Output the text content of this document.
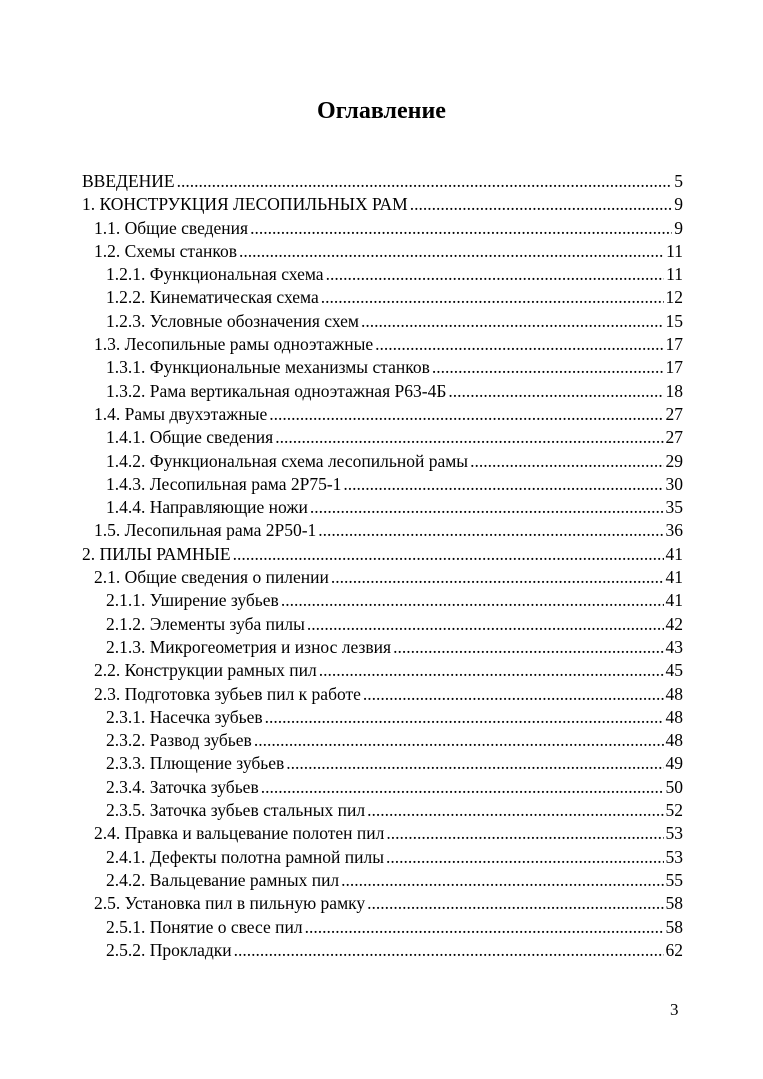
Оглавление
ВВЕДЕНИЕ .....	5
1. КОНСТРУКЦИЯ ЛЕСОПИЛЬНЫХ РАМ .....	9
1.1. Общие сведения .....	9
1.2. Схемы станков .....	11
1.2.1. Функциональная схема .....	11
1.2.2. Кинематическая схема .....	12
1.2.3. Условные обозначения схем .....	15
1.3. Лесопильные рамы одноэтажные .....	17
1.3.1. Функциональные механизмы станков .....	17
1.3.2. Рама вертикальная одноэтажная Р63-4Б .....	18
1.4. Рамы двухэтажные .....	27
1.4.1. Общие сведения .....	27
1.4.2. Функциональная схема лесопильной рамы .....	29
1.4.3. Лесопильная рама 2Р75-1 .....	30
1.4.4. Направляющие ножи .....	35
1.5. Лесопильная рама 2Р50-1 .....	36
2. ПИЛЫ РАМНЫЕ .....	41
2.1. Общие сведения о пилении .....	41
2.1.1. Уширение зубьев .....	41
2.1.2. Элементы зуба пилы .....	42
2.1.3. Микрогеометрия и износ лезвия .....	43
2.2. Конструкции рамных пил .....	45
2.3. Подготовка зубьев пил к работе .....	48
2.3.1. Насечка зубьев .....	48
2.3.2. Развод зубьев .....	48
2.3.3. Плющение зубьев .....	49
2.3.4. Заточка зубьев .....	50
2.3.5. Заточка зубьев стальных пил .....	52
2.4. Правка и вальцевание полотен пил .....	53
2.4.1. Дефекты полотна рамной пилы .....	53
2.4.2. Вальцевание рамных пил .....	55
2.5. Установка пил в пильную рамку .....	58
2.5.1. Понятие о свесе пил .....	58
2.5.2. Прокладки .....	62
3
